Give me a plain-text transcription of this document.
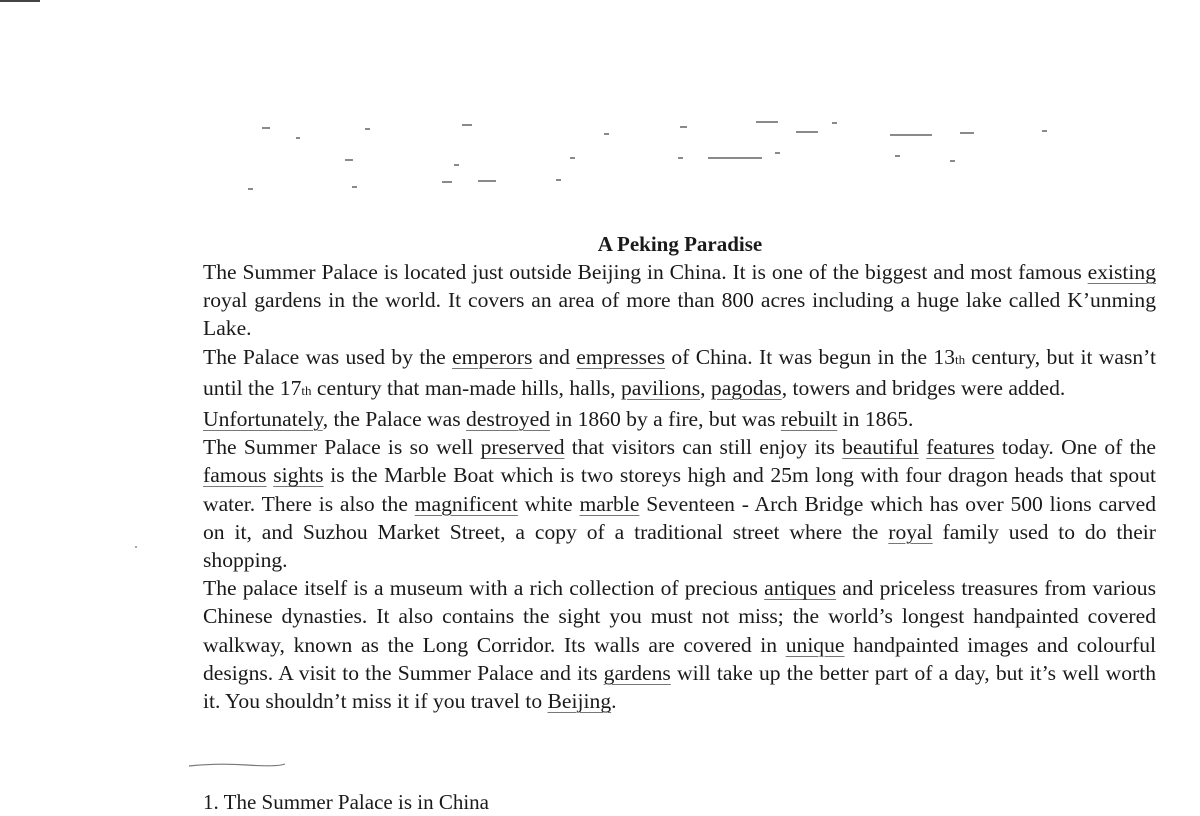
A Peking Paradise

The Summer Palace is located just outside Beijing in China. It is one of the biggest and most famous existing royal gardens in the world. It covers an area of more than 800 acres including a huge lake called K’unming Lake.

The Palace was used by the emperors and empresses of China. It was begun in the 13th century, but it wasn’t until the 17th century that man-made hills, halls, pavilions, pagodas, towers and bridges were added.

Unfortunately, the Palace was destroyed in 1860 by a fire, but was rebuilt in 1865.

The Summer Palace is so well preserved that visitors can still enjoy its beautiful features today. One of the famous sights is the Marble Boat which is two storeys high and 25m long with four dragon heads that spout water. There is also the magnificent white marble Seventeen - Arch Bridge which has over 500 lions carved on it, and Suzhou Market Street, a copy of a traditional street where the royal family used to do their shopping.

The palace itself is a museum with a rich collection of precious antiques and priceless treasures from various Chinese dynasties. It also contains the sight you must not miss; the world’s longest handpainted covered walkway, known as the Long Corridor. Its walls are covered in unique handpainted images and colourful designs. A visit to the Summer Palace and its gardens will take up the better part of a day, but it’s well worth it. You shouldn’t miss it if you travel to Beijing.

1. The Summer Palace is in China
